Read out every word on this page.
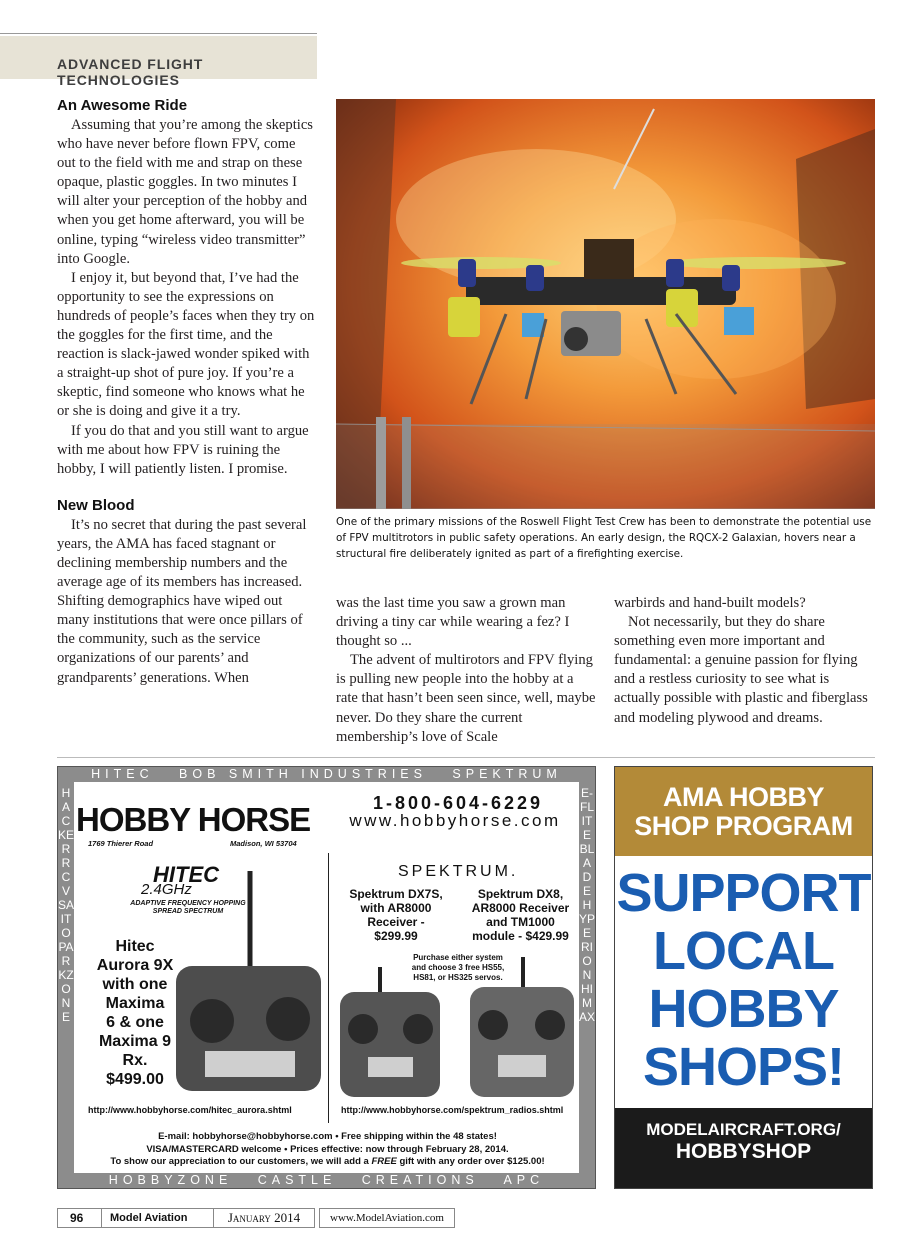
ADVANCED FLIGHT TECHNOLOGIES
An Awesome Ride

Assuming that you’re among the skeptics who have never before flown FPV, come out to the field with me and strap on these opaque, plastic goggles. In two minutes I will alter your perception of the hobby and when you get home afterward, you will be online, typing “wireless video transmitter” into Google.

I enjoy it, but beyond that, I’ve had the opportunity to see the expressions on hundreds of people’s faces when they try on the goggles for the first time, and the reaction is slack-jawed wonder spiked with a straight-up shot of pure joy. If you’re a skeptic, find someone who knows what he or she is doing and give it a try.

If you do that and you still want to argue with me about how FPV is ruining the hobby, I will patiently listen. I promise.

New Blood

It’s no secret that during the past several years, the AMA has faced stagnant or declining membership numbers and the average age of its members has increased. Shifting demographics have wiped out many institutions that were once pillars of the community, such as the service organizations of our parents’ and grandparents’ generations. When

was the last time you saw a grown man driving a tiny car while wearing a fez? I thought so ...

The advent of multirotors and FPV flying is pulling new people into the hobby at a rate that hasn’t been seen since, well, maybe never. Do they share the current membership’s love of Scale

warbirds and hand-built models?

Not necessarily, but they do share something even more important and fundamental: a genuine passion for flying and a restless curiosity to see what is actually possible with plastic and fiberglass and modeling plywood and dreams.

One of the primary missions of the Roswell Flight Test Crew has been to demonstrate the potential use of FPV multitrotors in public safety operations. An early design, the RQCX-2 Galaxian, hovers near a structural fire deliberately ignited as part of a firefighting exercise.
HITEC   BOB SMITH INDUSTRIES   SPEKTRUM
HOBBYZONE   CASTLE   CREATIONS   APC
HACKER RCV SAITO PARKZONE
E-FLITE BLADE HYPERION HIMAX
HOBBY HORSE
1769 Thierer Road	Madison, WI 53704
1-800-604-6229
www.hobbyhorse.com
HITEC
2.4GHz
ADAPTIVE FREQUENCY HOPPING SPREAD SPECTRUM
Hitec
Aurora 9X
with one
Maxima
6 & one
Maxima 9
Rx.
$499.00
http://www.hobbyhorse.com/hitec_aurora.shtml
SPEKTRUM.
Spektrum DX7S,
with AR8000
Receiver -
$299.99
Spektrum DX8,
AR8000 Receiver
and TM1000
module - $429.99
Purchase either system
and choose 3 free HS55,
HS81, or HS325 servos.
http://www.hobbyhorse.com/spektrum_radios.shtml
E-mail: hobbyhorse@hobbyhorse.com • Free shipping within the 48 states!
VISA/MASTERCARD welcome • Prices effective: now through February 28, 2014.
To show our appreciation to our customers, we will add a FREE gift with any order over $125.00!
AMA HOBBY
SHOP PROGRAM
SUPPORT
LOCAL
HOBBY
SHOPS!
MODELAIRCRAFT.ORG/
HOBBYSHOP
96	Model Aviation	January 2014	www.ModelAviation.com
